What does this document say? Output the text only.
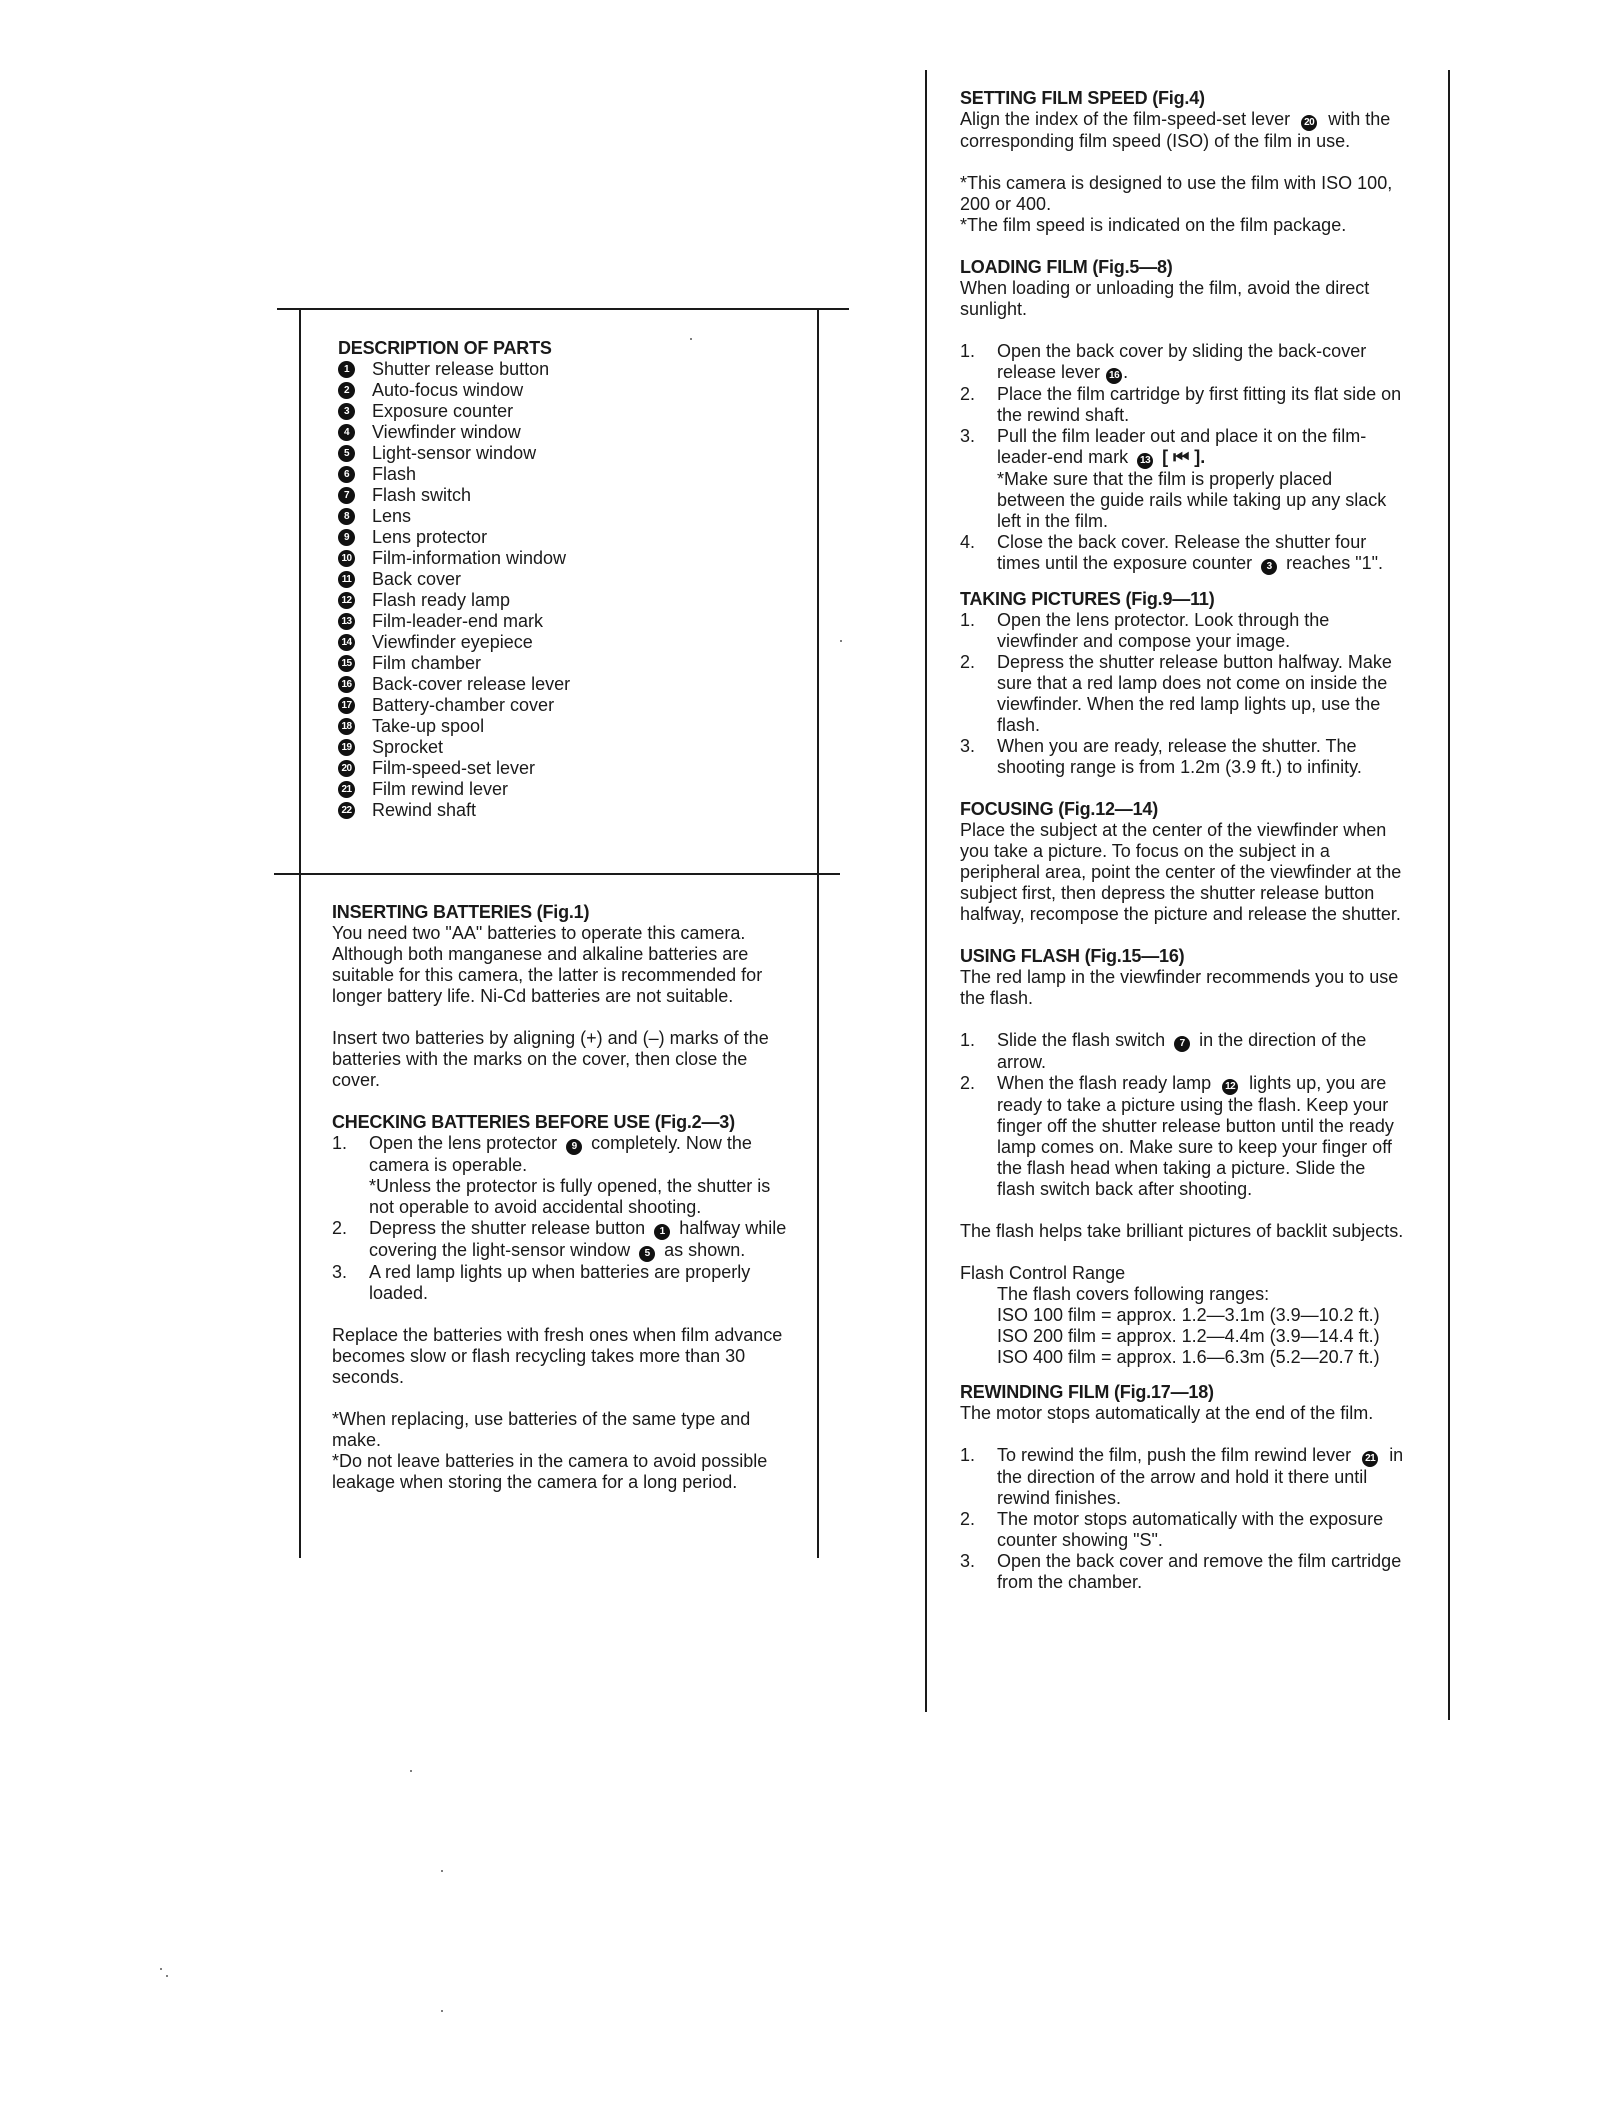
DESCRIPTION OF PARTS
1	Shutter release button
2	Auto-focus window
3	Exposure counter
4	Viewfinder window
5	Light-sensor window
6	Flash
7	Flash switch
8	Lens
9	Lens protector
10 Film-information window
11 Back cover
12 Flash ready lamp
13 Film-leader-end mark
14 Viewfinder eyepiece
15 Film chamber
16 Back-cover release lever
17 Battery-chamber cover
18 Take-up spool
19 Sprocket
20 Film-speed-set lever
21 Film rewind lever
22 Rewind shaft
INSERTING BATTERIES (Fig.1)

You need two "AA" batteries to operate this camera. Although both manganese and alkaline batteries are suitable for this camera, the latter is recommended for longer battery life. Ni-Cd batteries are not suitable.

Insert two batteries by aligning (+) and (–) marks of the batteries with the marks on the cover, then close the cover.

CHECKING BATTERIES BEFORE USE (Fig.2—3)
1.	Open the lens protector 9 completely. Now the camera is operable.
*Unless the protector is fully opened, the shutter is not operable to avoid accidental shooting.
2.	Depress the shutter release button 1 halfway while covering the light-sensor window 5 as shown.
3.	A red lamp lights up when batteries are properly loaded.

Replace the batteries with fresh ones when film advance becomes slow or flash recycling takes more than 30 seconds.

*When replacing, use batteries of the same type and make.

*Do not leave batteries in the camera to avoid possible leakage when storing the camera for a long period.

SETTING FILM SPEED (Fig.4)

Align the index of the film-speed-set lever 20 with the corresponding film speed (ISO) of the film in use.

*This camera is designed to use the film with ISO 100, 200 or 400.

*The film speed is indicated on the film package.

LOADING FILM (Fig.5—8)

When loading or unloading the film, avoid the direct sunlight.

1.	Open the back cover by sliding the back-cover release lever 16 .
2.	Place the film cartridge by first fitting its flat side on the rewind shaft.
3.	Pull the film leader out and place it on the film-leader-end mark 13 [ ⏮ ].
*Make sure that the film is properly placed between the guide rails while taking up any slack left in the film.
4.	Close the back cover. Release the shutter four times until the exposure counter 3 reaches "1".
TAKING PICTURES (Fig.9—11)
1.	Open the lens protector. Look through the viewfinder and compose your image.
2.	Depress the shutter release button halfway. Make sure that a red lamp does not come on inside the viewfinder. When the red lamp lights up, use the flash.
3.	When you are ready, release the shutter. The shooting range is from 1.2m (3.9 ft.) to infinity.
FOCUSING (Fig.12—14)

Place the subject at the center of the viewfinder when you take a picture. To focus on the subject in a peripheral area, point the center of the viewfinder at the subject first, then depress the shutter release button halfway, recompose the picture and release the shutter.

USING FLASH (Fig.15—16)

The red lamp in the viewfinder recommends you to use the flash.

1.	Slide the flash switch 7 in the direction of the arrow.
2.	When the flash ready lamp 12 lights up, you are ready to take a picture using the flash. Keep your finger off the shutter release button until the ready lamp comes on. Make sure to keep your finger off the flash head when taking a picture. Slide the flash switch back after shooting.

The flash helps take brilliant pictures of backlit subjects.

Flash Control Range

The flash covers following ranges:

ISO 100 film = approx. 1.2—3.1m (3.9—10.2 ft.)

ISO 200 film = approx. 1.2—4.4m (3.9—14.4 ft.)

ISO 400 film = approx. 1.6—6.3m (5.2—20.7 ft.)

REWINDING FILM (Fig.17—18)

The motor stops automatically at the end of the film.

1.	To rewind the film, push the film rewind lever 21 in the direction of the arrow and hold it there until rewind finishes.
2.	The motor stops automatically with the exposure counter showing "S".
3.	Open the back cover and remove the film cartridge from the chamber.
